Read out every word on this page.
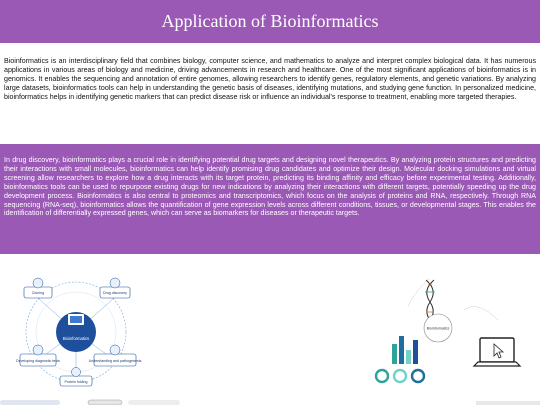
Application of Bioinformatics

Bioinformatics is an interdisciplinary field that combines biology, computer science, and mathematics to analyze and interpret complex biological data. It has numerous applications in various areas of biology and medicine, driving advancements in research and healthcare. One of the most significant applications of bioinformatics is in genomics. It enables the sequencing and annotation of entire genomes, allowing researchers to identify genes, regulatory elements, and genetic variations. By analyzing large datasets, bioinformatics tools can help in understanding the genetic basis of diseases, identifying mutations, and studying gene function. In personalized medicine, bioinformatics helps in identifying genetic markers that can predict disease risk or influence an individual's response to treatment, enabling more targeted therapies.

In drug discovery, bioinformatics plays a crucial role in identifying potential drug targets and designing novel therapeutics. By analyzing protein structures and predicting their interactions with small molecules, bioinformatics can help identify promising drug candidates and optimize their design. Molecular docking simulations and virtual screening allow researchers to explore how a drug interacts with its target protein, predicting its binding affinity and efficacy before experimental testing. Additionally, bioinformatics tools can be used to repurpose existing drugs for new indications by analyzing their interactions with different targets, potentially speeding up the drug development process. Bioinformatics is also central to proteomics and transcriptomics, which focus on the analysis of proteins and RNA, respectively. Through RNA sequencing (RNA-seq), bioinformatics allows the quantification of gene expression levels across different conditions, tissues, or developmental stages. This enables the identification of differentially expressed genes, which can serve as biomarkers for diseases or therapeutic targets.

Bioinformatics
Cloning	Drug discovery
Developing diagnostic tests	Understanding and pathogenesis
Protein folding
Bioinformatics
